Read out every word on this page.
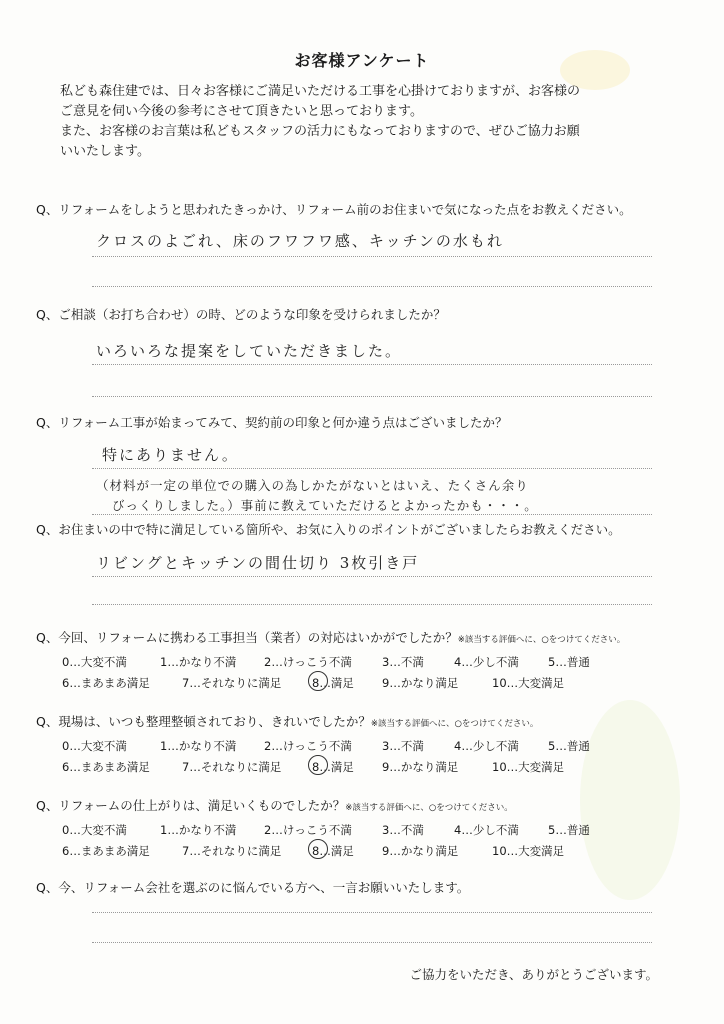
お客様アンケート
私ども森住建では、日々お客様にご満足いただける工事を心掛けておりますが、お客様の
ご意見を伺い今後の参考にさせて頂きたいと思っております。
また、お客様のお言葉は私どもスタッフの活力にもなっておりますので、ぜひご協力お願
いいたします。
Q、リフォームをしようと思われたきっかけ、リフォーム前のお住まいで気になった点をお教えください。
クロスのよごれ、床のフワフワ感、キッチンの水もれ
Q、ご相談（お打ち合わせ）の時、どのような印象を受けられましたか？
いろいろな提案をしていただきました。
Q、リフォーム工事が始まってみて、契約前の印象と何か違う点はございましたか？
特にありません。
（材料が一定の単位での購入の為しかたがないとはいえ、たくさん余り
びっくりしました。）事前に教えていただけるとよかったかも・・・。
Q、お住まいの中で特に満足している箇所や、お気に入りのポイントがございましたらお教えください。
リビングとキッチンの間仕切り 3枚引き戸
Q、今回、リフォームに携わる工事担当（業者）の対応はいかがでしたか？※該当する評価へに、○をつけてください。
0…大変不満	1…かなり不満 2…けっこう不満	3…不満	4…少し不満	5…普通
6…まあまあ満足	7…それなりに満足	8…満足 9…かなり満足	10…大変満足
Q、現場は、いつも整理整頓されており、きれいでしたか？※該当する評価へに、○をつけてください。
0…大変不満	1…かなり不満 2…けっこう不満	3…不満	4…少し不満	5…普通
6…まあまあ満足	7…それなりに満足	8…満足 9…かなり満足	10…大変満足
Q、リフォームの仕上がりは、満足いくものでしたか？※該当する評価へに、○をつけてください。
0…大変不満	1…かなり不満 2…けっこう不満	3…不満	4…少し不満	5…普通
6…まあまあ満足	7…それなりに満足	8…満足 9…かなり満足	10…大変満足
Q、今、リフォーム会社を選ぶのに悩んでいる方へ、一言お願いいたします。
ご協力をいただき、ありがとうございます。
